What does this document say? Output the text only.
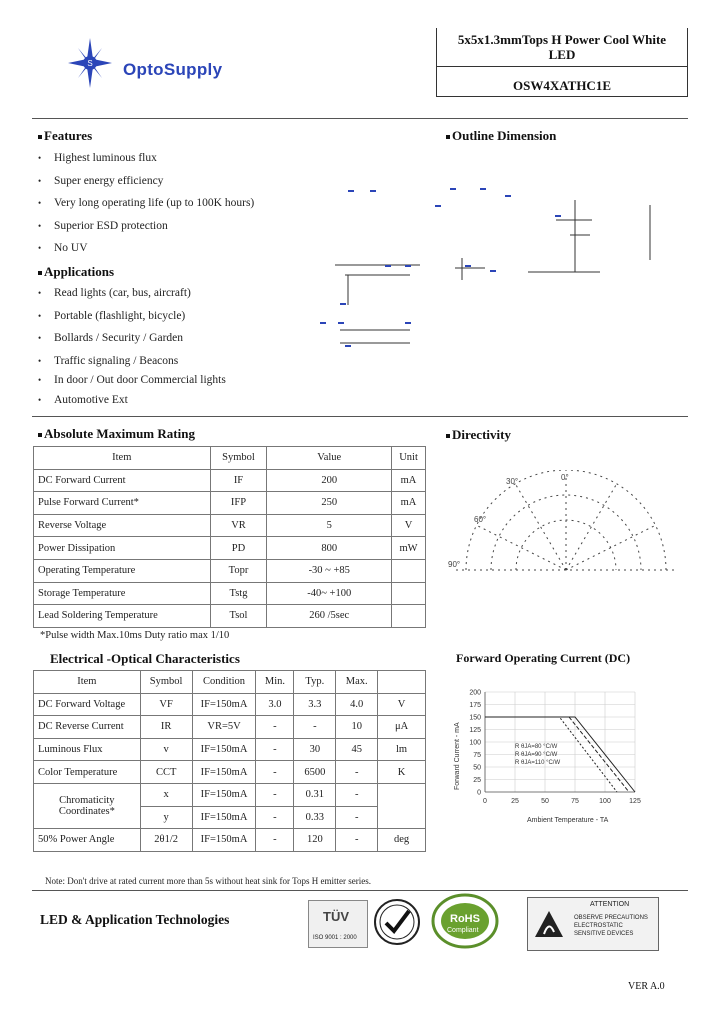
S OptoSupply
5x5x1.3mmTops H Power Cool White
LED
OSW4XATHC1E
Features
• Highest luminous flux
• Super energy efficiency
• Very long operating life (up to 100K hours)
• Superior ESD protection
• No UV
Applications
• Read lights (car, bus, aircraft)
• Portable (flashlight, bicycle)
• Bollards / Security / Garden
• Traffic signaling / Beacons
• In door / Out door Commercial lights
• Automotive Ext
Outline Dimension
Directivity
0°
30°
60°
90°
Absolute Maximum Rating
Item	Symbol	Value	Unit
DC Forward Current	IF	200	mA
Pulse Forward Current*	IFP	250	mA
Reverse Voltage	VR	5	V
Power Dissipation	PD	800	mW
Operating Temperature	Topr	-30 ~ +85	
Storage Temperature	Tstg	-40~ +100	
Lead Soldering Temperature	Tsol	260 /5sec	
*Pulse width Max.10ms Duty ratio max 1/10
Electrical -Optical Characteristics
Item	Symbol	Condition	Min.	Typ.	Max.	
DC Forward Voltage	VF	IF=150mA	3.0	3.3	4.0	V
DC Reverse Current	IR	VR=5V	-	-	10	μA
Luminous Flux	v	IF=150mA	-	30	45	lm
Color Temperature	CCT	IF=150mA	-	6500	-	K

Chromaticity
Coordinates*	x	IF=150mA	-	0.31	-	
	y	IF=150mA	-	0.33	-	
50% Power Angle	2θ1/2	IF=150mA	-	120	-	deg
Forward Operating Current (DC)
200
175
150
125
100
75
50
25
0
0	25	50	75	100	125
Forward Current - mA
Ambient Temperature - TA
R θJA=80 °C/W
R θJA=90 °C/W
R θJA=110 °C/W
Note: Don't drive at rated current more than 5s without heat sink for Tops H emitter series.
LED & Application Technologies	TÜV
ISO 9001 : 2000
RoHS
Compliant
ATTENTION
OBSERVE PRECAUTIONS
ELECTROSTATIC
SENSITIVE DEVICES
VER A.0
